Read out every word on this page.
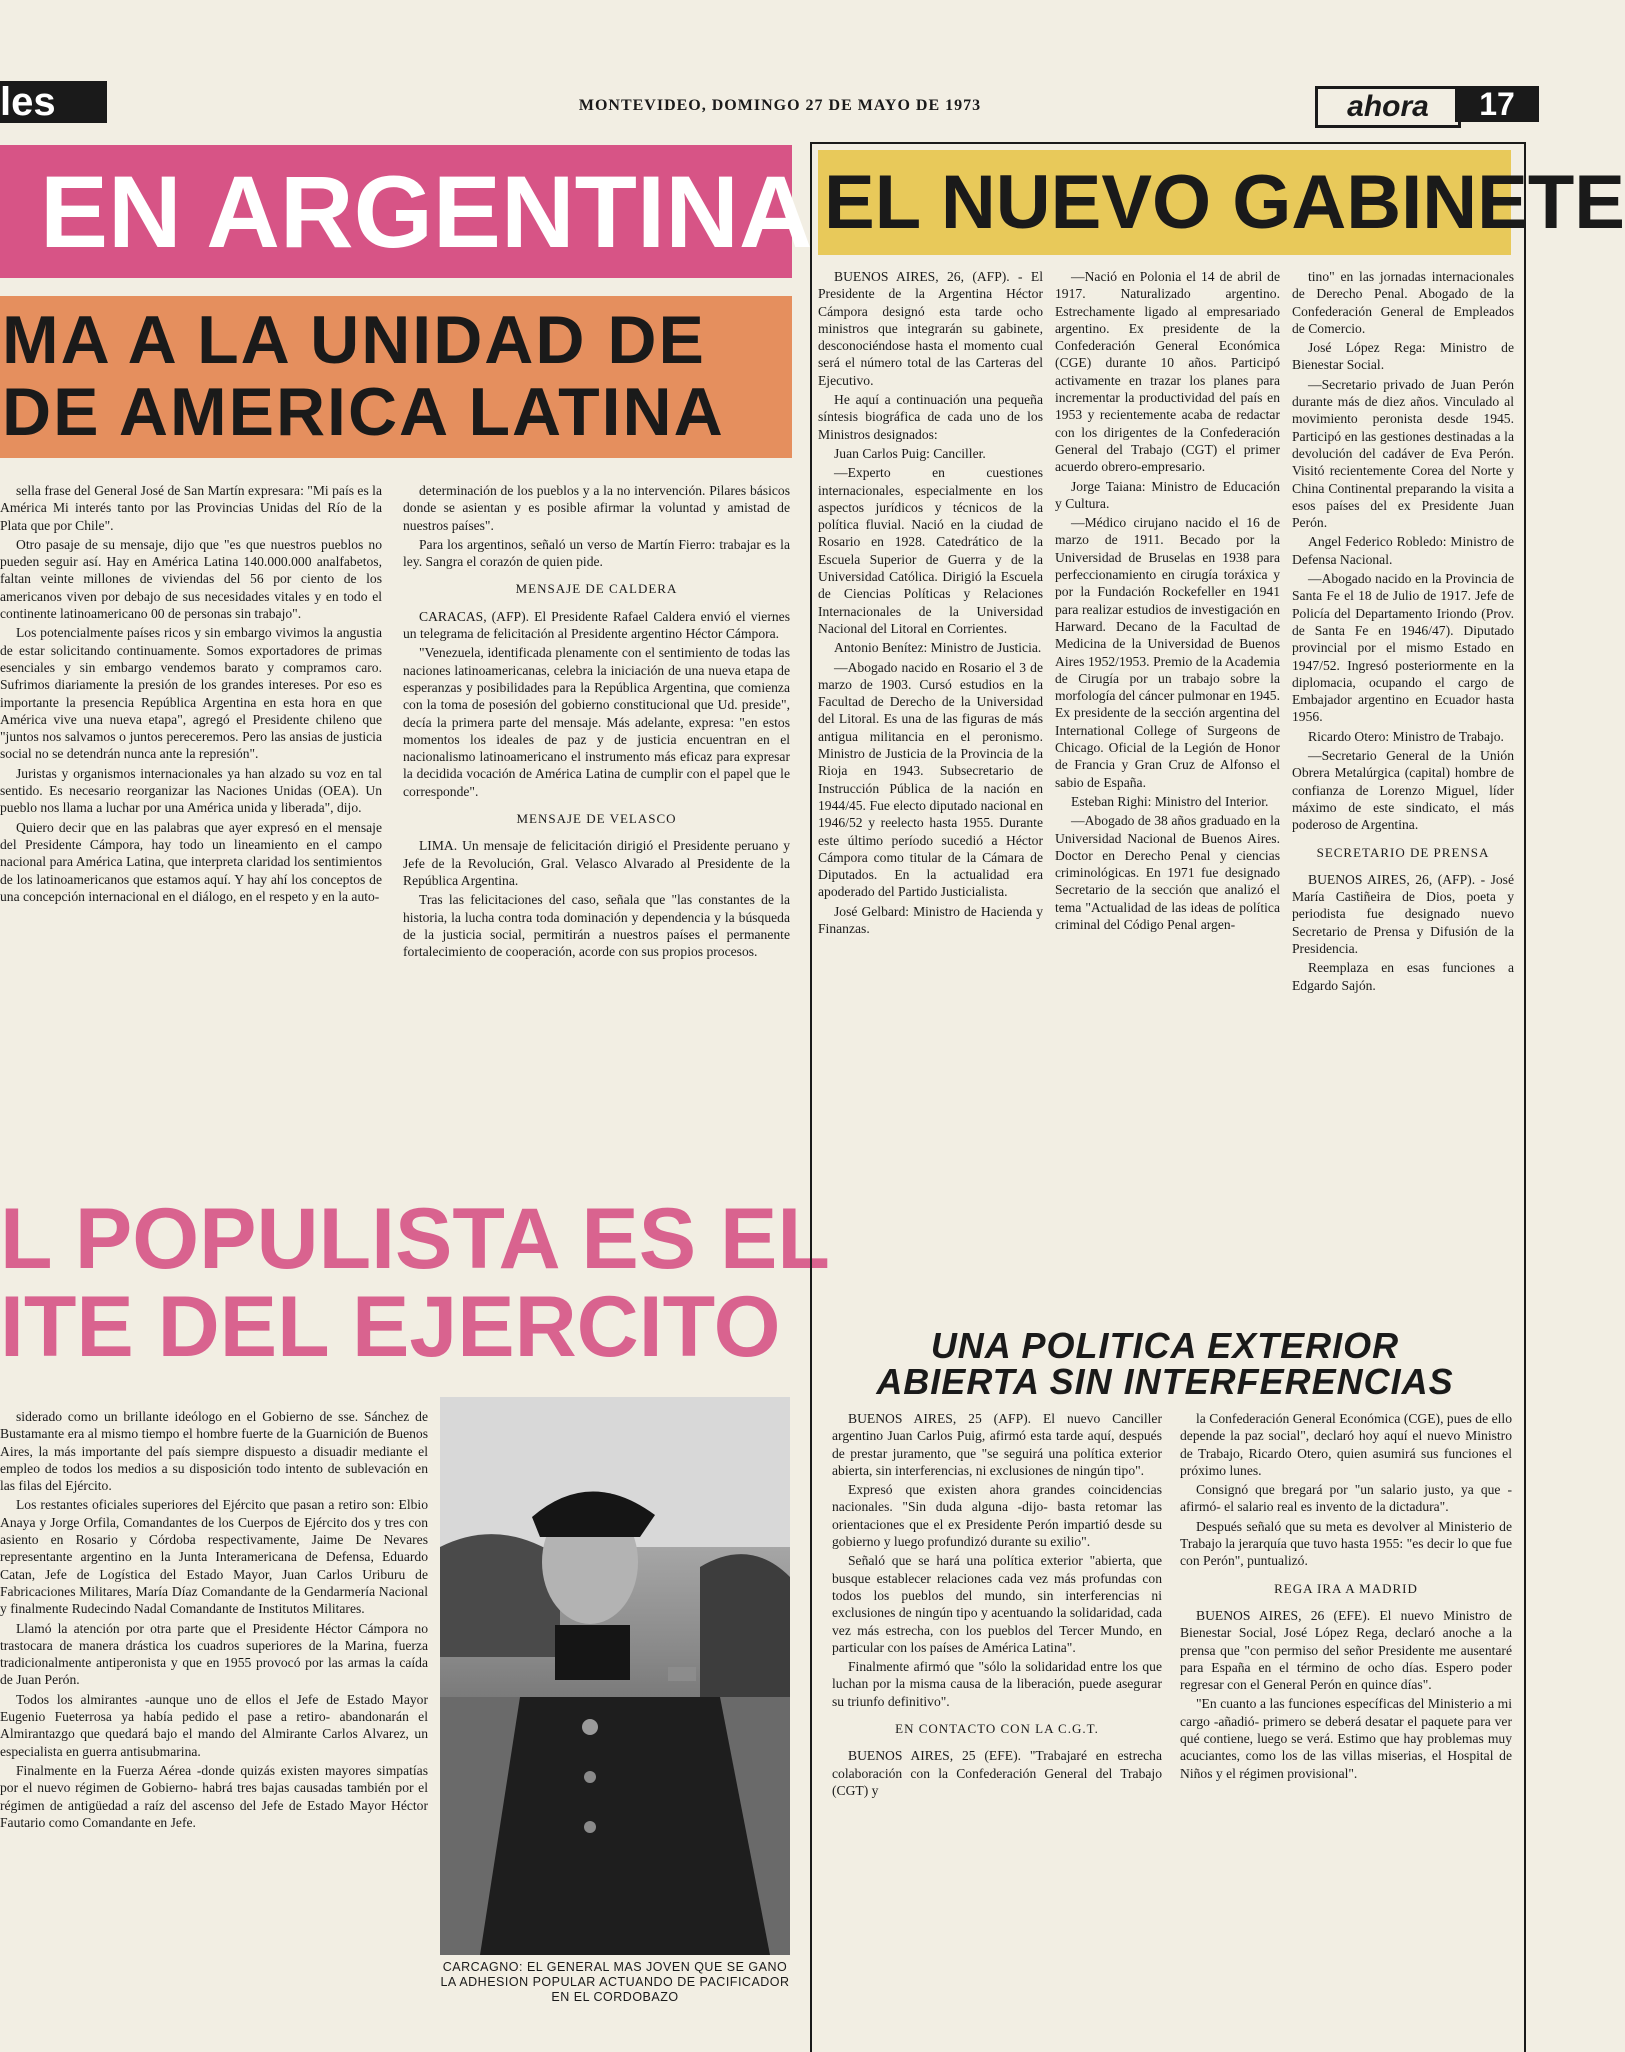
les	MONTEVIDEO, DOMINGO 27 DE MAYO DE 1973	ahora	17
EN ARGENTINA
MA A LA UNIDAD DE
DE AMERICA LATINA

sella frase del General José de San Martín expresara: "Mi país es la América Mi interés tanto por las Provincias Unidas del Río de la Plata que por Chile".

Otro pasaje de su mensaje, dijo que "es que nuestros pueblos no pueden seguir así. Hay en América Latina 140.000.000 analfabetos, faltan veinte millones de viviendas del 56 por ciento de los americanos viven por debajo de sus necesidades vitales y en todo el continente latinoamericano 00 de personas sin trabajo".

Los potencialmente países ricos y sin embargo vivimos la angustia de estar solicitando continuamente. Somos exportadores de primas esenciales y sin embargo vendemos barato y compramos caro. Sufrimos diariamente la presión de los grandes intereses. Por eso es importante la presencia República Argentina en esta hora en que América vive una nueva etapa", agregó el Presidente chileno que "juntos nos salvamos o juntos pereceremos. Pero las ansias de justicia social no se detendrán nunca ante la represión".

Juristas y organismos internacionales ya han alzado su voz en tal sentido. Es necesario reorganizar las Naciones Unidas (OEA). Un pueblo nos llama a luchar por una América unida y liberada", dijo.

Quiero decir que en las palabras que ayer expresó en el mensaje del Presidente Cámpora, hay todo un lineamiento en el campo nacional para América Latina, que interpreta claridad los sentimientos de los latinoamericanos que estamos aquí. Y hay ahí los conceptos de una concepción internacional en el diálogo, en el respeto y en la auto-

determinación de los pueblos y a la no intervención. Pilares básicos donde se asientan y es posible afirmar la voluntad y amistad de nuestros países".

Para los argentinos, señaló un verso de Martín Fierro: trabajar es la ley. Sangra el corazón de quien pide.

MENSAJE DE CALDERA

CARACAS, (AFP). El Presidente Rafael Caldera envió el viernes un telegrama de felicitación al Presidente argentino Héctor Cámpora.

"Venezuela, identificada plenamente con el sentimiento de todas las naciones latinoamericanas, celebra la iniciación de una nueva etapa de esperanzas y posibilidades para la República Argentina, que comienza con la toma de posesión del gobierno constitucional que Ud. preside", decía la primera parte del mensaje. Más adelante, expresa: "en estos momentos los ideales de paz y de justicia encuentran en el nacionalismo latinoamericano el instrumento más eficaz para expresar la decidida vocación de América Latina de cumplir con el papel que le corresponde".

MENSAJE DE VELASCO

LIMA. Un mensaje de felicitación dirigió el Presidente peruano y Jefe de la Revolución, Gral. Velasco Alvarado al Presidente de la República Argentina.

Tras las felicitaciones del caso, señala que "las constantes de la historia, la lucha contra toda dominación y dependencia y la búsqueda de la justicia social, permitirán a nuestros países el permanente fortalecimiento de cooperación, acorde con sus propios procesos.

L POPULISTA ES EL
ITE DEL EJERCITO

siderado como un brillante ideólogo en el Gobierno de sse. Sánchez de Bustamante era al mismo tiempo el hombre fuerte de la Guarnición de Buenos Aires, la más importante del país siempre dispuesto a disuadir mediante el empleo de todos los medios a su disposición todo intento de sublevación en las filas del Ejército.

Los restantes oficiales superiores del Ejército que pasan a retiro son: Elbio Anaya y Jorge Orfila, Comandantes de los Cuerpos de Ejército dos y tres con asiento en Rosario y Córdoba respectivamente, Jaime De Nevares representante argentino en la Junta Interamericana de Defensa, Eduardo Catan, Jefe de Logística del Estado Mayor, Juan Carlos Uriburu de Fabricaciones Militares, María Díaz Comandante de la Gendarmería Nacional y finalmente Rudecindo Nadal Comandante de Institutos Militares.

Llamó la atención por otra parte que el Presidente Héctor Cámpora no trastocara de manera drástica los cuadros superiores de la Marina, fuerza tradicionalmente antiperonista y que en 1955 provocó por las armas la caída de Juan Perón.

Todos los almirantes -aunque uno de ellos el Jefe de Estado Mayor Eugenio Fueterrosa ya había pedido el pase a retiro- abandonarán el Almirantazgo que quedará bajo el mando del Almirante Carlos Alvarez, un especialista en guerra antisubmarina.

Finalmente en la Fuerza Aérea -donde quizás existen mayores simpatías por el nuevo régimen de Gobierno- habrá tres bajas causadas también por el régimen de antigüedad a raíz del ascenso del Jefe de Estado Mayor Héctor Fautario como Comandante en Jefe.

CARCAGNO: EL GENERAL MAS JOVEN QUE SE GANO LA ADHESION POPULAR ACTUANDO DE PACIFICADOR EN EL CORDOBAZO
EL NUEVO GABINETE

BUENOS AIRES, 26, (AFP). - El Presidente de la Argentina Héctor Cámpora designó esta tarde ocho ministros que integrarán su gabinete, desconociéndose hasta el momento cual será el número total de las Carteras del Ejecutivo.

He aquí a continuación una pequeña síntesis biográfica de cada uno de los Ministros designados:

Juan Carlos Puig: Canciller.

—Experto en cuestiones internacionales, especialmente en los aspectos jurídicos y técnicos de la política fluvial. Nació en la ciudad de Rosario en 1928. Catedrático de la Escuela Superior de Guerra y de la Universidad Católica. Dirigió la Escuela de Ciencias Políticas y Relaciones Internacionales de la Universidad Nacional del Litoral en Corrientes.

Antonio Benítez: Ministro de Justicia.

—Abogado nacido en Rosario el 3 de marzo de 1903. Cursó estudios en la Facultad de Derecho de la Universidad del Litoral. Es una de las figuras de más antigua militancia en el peronismo. Ministro de Justicia de la Provincia de la Rioja en 1943. Subsecretario de Instrucción Pública de la nación en 1944/45. Fue electo diputado nacional en 1946/52 y reelecto hasta 1955. Durante este último período sucedió a Héctor Cámpora como titular de la Cámara de Diputados. En la actualidad era apoderado del Partido Justicialista.

José Gelbard: Ministro de Hacienda y Finanzas.

—Nació en Polonia el 14 de abril de 1917. Naturalizado argentino. Estrechamente ligado al empresariado argentino. Ex presidente de la Confederación General Económica (CGE) durante 10 años. Participó activamente en trazar los planes para incrementar la productividad del país en 1953 y recientemente acaba de redactar con los dirigentes de la Confederación General del Trabajo (CGT) el primer acuerdo obrero-empresario.

Jorge Taiana: Ministro de Educación y Cultura.

—Médico cirujano nacido el 16 de marzo de 1911. Becado por la Universidad de Bruselas en 1938 para perfeccionamiento en cirugía toráxica y por la Fundación Rockefeller en 1941 para realizar estudios de investigación en Harward. Decano de la Facultad de Medicina de la Universidad de Buenos Aires 1952/1953. Premio de la Academia de Cirugía por un trabajo sobre la morfología del cáncer pulmonar en 1945. Ex presidente de la sección argentina del International College of Surgeons de Chicago. Oficial de la Legión de Honor de Francia y Gran Cruz de Alfonso el sabio de España.

Esteban Righi: Ministro del Interior.

—Abogado de 38 años graduado en la Universidad Nacional de Buenos Aires. Doctor en Derecho Penal y ciencias criminológicas. En 1971 fue designado Secretario de la sección que analizó el tema "Actualidad de las ideas de política criminal del Código Penal argen-

tino" en las jornadas internacionales de Derecho Penal. Abogado de la Confederación General de Empleados de Comercio.

José López Rega: Ministro de Bienestar Social.

—Secretario privado de Juan Perón durante más de diez años. Vinculado al movimiento peronista desde 1945. Participó en las gestiones destinadas a la devolución del cadáver de Eva Perón. Visitó recientemente Corea del Norte y China Continental preparando la visita a esos países del ex Presidente Juan Perón.

Angel Federico Robledo: Ministro de Defensa Nacional.

—Abogado nacido en la Provincia de Santa Fe el 18 de Julio de 1917. Jefe de Policía del Departamento Iriondo (Prov. de Santa Fe en 1946/47). Diputado provincial por el mismo Estado en 1947/52. Ingresó posteriormente en la diplomacia, ocupando el cargo de Embajador argentino en Ecuador hasta 1956.

Ricardo Otero: Ministro de Trabajo.

—Secretario General de la Unión Obrera Metalúrgica (capital) hombre de confianza de Lorenzo Miguel, líder máximo de este sindicato, el más poderoso de Argentina.

SECRETARIO DE PRENSA

BUENOS AIRES, 26, (AFP). - José María Castiñeira de Dios, poeta y periodista fue designado nuevo Secretario de Prensa y Difusión de la Presidencia.

Reemplaza en esas funciones a Edgardo Sajón.

UNA POLITICA EXTERIOR
ABIERTA SIN INTERFERENCIAS

BUENOS AIRES, 25 (AFP). El nuevo Canciller argentino Juan Carlos Puig, afirmó esta tarde aquí, después de prestar juramento, que "se seguirá una política exterior abierta, sin interferencias, ni exclusiones de ningún tipo".

Expresó que existen ahora grandes coincidencias nacionales. "Sin duda alguna -dijo- basta retomar las orientaciones que el ex Presidente Perón impartió desde su gobierno y luego profundizó durante su exilio".

Señaló que se hará una política exterior "abierta, que busque establecer relaciones cada vez más profundas con todos los pueblos del mundo, sin interferencias ni exclusiones de ningún tipo y acentuando la solidaridad, cada vez más estrecha, con los pueblos del Tercer Mundo, en particular con los países de América Latina".

Finalmente afirmó que "sólo la solidaridad entre los que luchan por la misma causa de la liberación, puede asegurar su triunfo definitivo".

EN CONTACTO CON LA C.G.T.

BUENOS AIRES, 25 (EFE). "Trabajaré en estrecha colaboración con la Confederación General del Trabajo (CGT) y

la Confederación General Económica (CGE), pues de ello depende la paz social", declaró hoy aquí el nuevo Ministro de Trabajo, Ricardo Otero, quien asumirá sus funciones el próximo lunes.

Consignó que bregará por "un salario justo, ya que -afirmó- el salario real es invento de la dictadura".

Después señaló que su meta es devolver al Ministerio de Trabajo la jerarquía que tuvo hasta 1955: "es decir lo que fue con Perón", puntualizó.

REGA IRA A MADRID

BUENOS AIRES, 26 (EFE). El nuevo Ministro de Bienestar Social, José López Rega, declaró anoche a la prensa que "con permiso del señor Presidente me ausentaré para España en el término de ocho días. Espero poder regresar con el General Perón en quince días".

"En cuanto a las funciones específicas del Ministerio a mi cargo -añadió- primero se deberá desatar el paquete para ver qué contiene, luego se verá. Estimo que hay problemas muy acuciantes, como los de las villas miserias, el Hospital de Niños y el régimen provisional".
